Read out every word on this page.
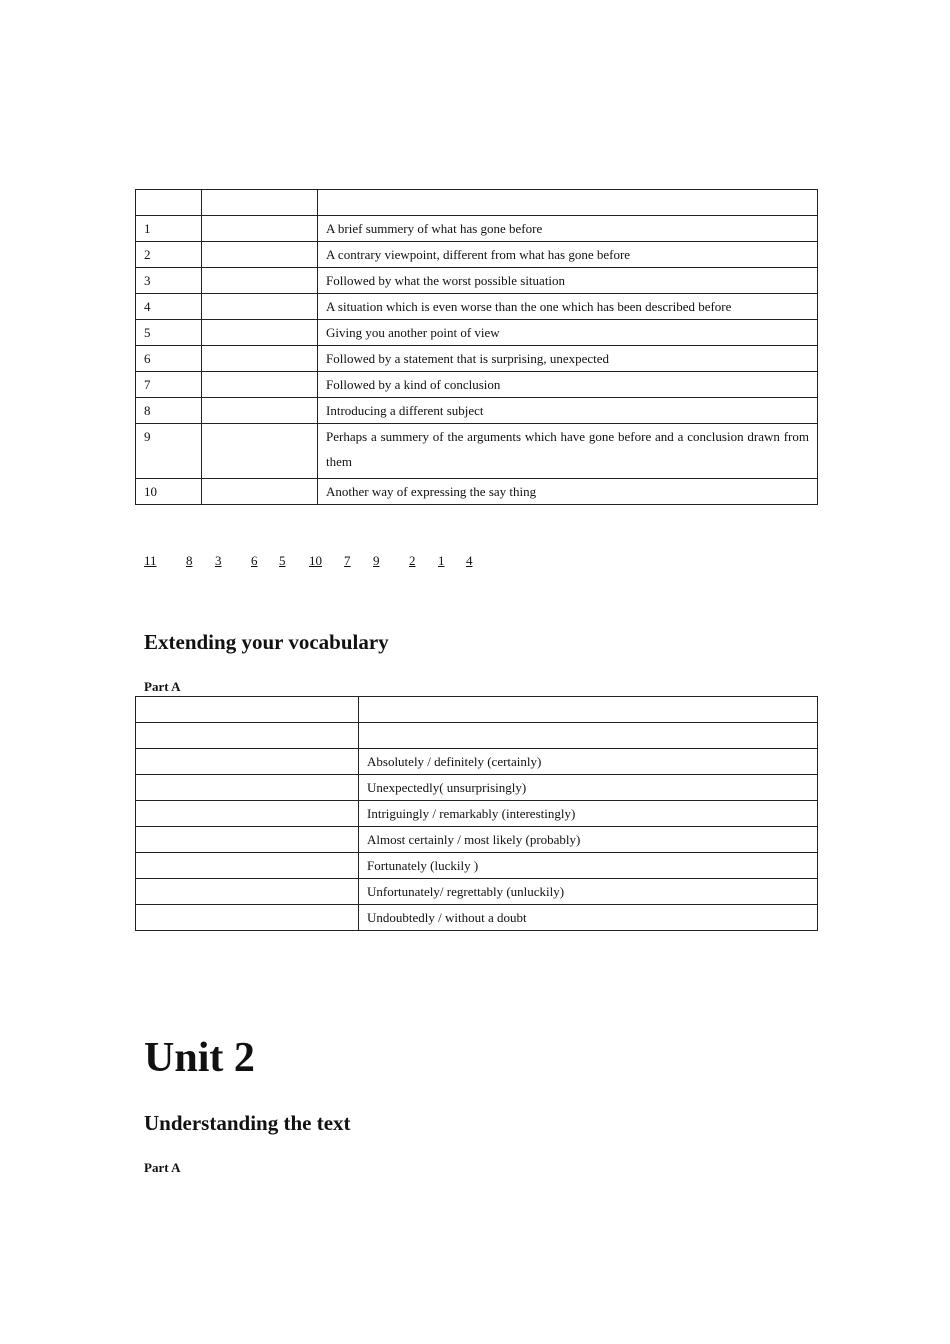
1		A brief summery of what has gone before
2		A contrary viewpoint, different from what has gone before
3		Followed by what the worst possible situation
4		A situation which is even worse than the one which has been described before
5		Giving you another point of view
6		Followed by a statement that is surprising, unexpected
7		Followed by a kind of conclusion
8		Introducing a different subject
9		Perhaps a summery of the arguments which have gone before and a conclusion drawn from them
10		Another way of expressing the say thing
11 8 3 6 5 10 7 9 2 1 4
Extending your vocabulary
Part A

	Absolutely / definitely (certainly)
	Unexpectedly( unsurprisingly)
	Intriguingly / remarkably (interestingly)
	Almost certainly / most likely (probably)
	Fortunately (luckily )
	Unfortunately/ regrettably (unluckily)
	Undoubtedly / without a doubt
Unit 2
Understanding the text
Part A
